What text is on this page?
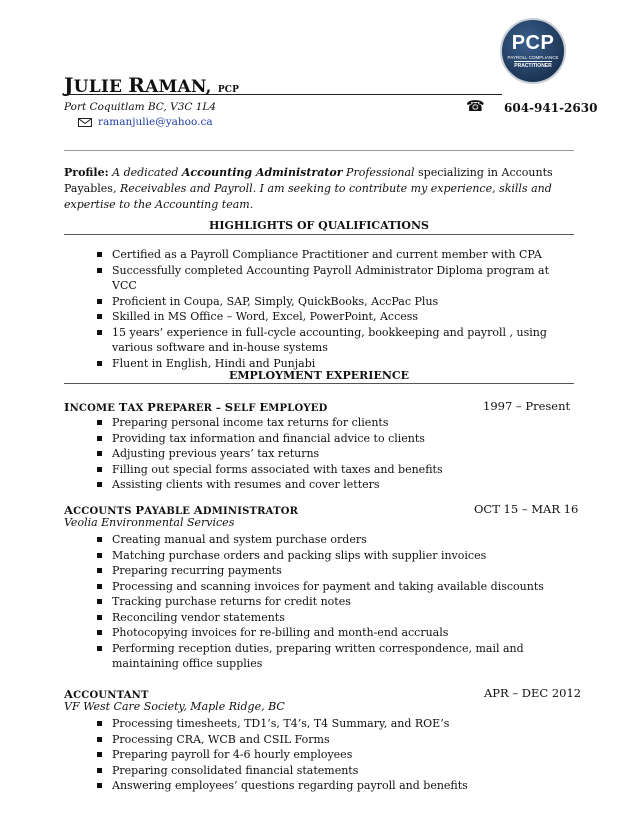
PCP
PAYROLL COMPLIANCE
PRACTITIONER
JULIE RAMAN, PCP
Port Coquitlam BC, V3C 1L4	☎ 604-941-2630
ramanjulie@yahoo.ca
Profile: A dedicated Accounting Administrator Professional specializing in Accounts Payables, Receivables and Payroll. I am seeking to contribute my experience, skills and expertise to the Accounting team.
HIGHLIGHTS OF QUALIFICATIONS
Certified as a Payroll Compliance Practitioner and current member with CPA
Successfully completed Accounting Payroll Administrator Diploma program at VCC
Proficient in Coupa, SAP, Simply, QuickBooks, AccPac Plus
Skilled in MS Office – Word, Excel, PowerPoint, Access
15 years’ experience in full-cycle accounting, bookkeeping and payroll , using various software and in-house systems
Fluent in English, Hindi and Punjabi
EMPLOYMENT EXPERIENCE
INCOME TAX PREPARER – SELF EMPLOYED	1997 – Present
Preparing personal income tax returns for clients
Providing tax information and financial advice to clients
Adjusting previous years’ tax returns
Filling out special forms associated with taxes and benefits
Assisting clients with resumes and cover letters
ACCOUNTS PAYABLE ADMINISTRATOR	OCT 15 – MAR 16
Veolia Environmental Services
Creating manual and system purchase orders
Matching purchase orders and packing slips with supplier invoices
Preparing recurring payments
Processing and scanning invoices for payment and taking available discounts
Tracking purchase returns for credit notes
Reconciling vendor statements
Photocopying invoices for re-billing and month-end accruals
Performing reception duties, preparing written correspondence, mail and maintaining office supplies
ACCOUNTANT	APR – DEC 2012
VF West Care Society, Maple Ridge, BC
Processing timesheets, TD1’s, T4’s, T4 Summary, and ROE’s
Processing CRA, WCB and CSIL Forms
Preparing payroll for 4-6 hourly employees
Preparing consolidated financial statements
Answering employees’ questions regarding payroll and benefits
